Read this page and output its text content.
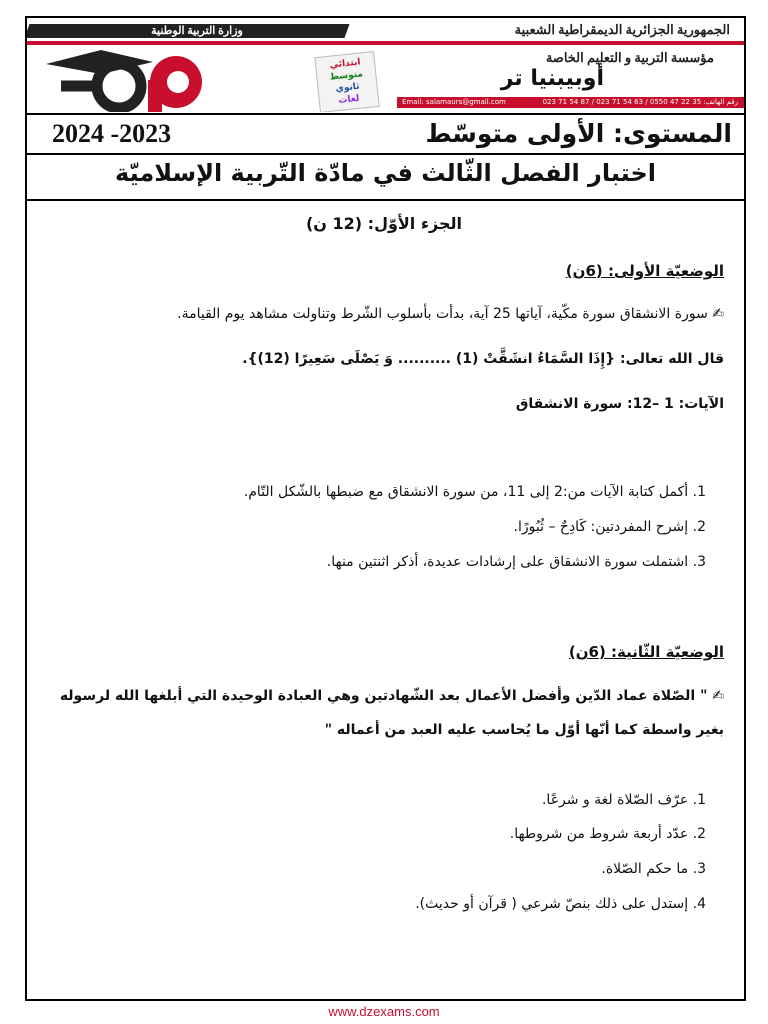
وزارة التربية الوطنية	الجمهورية الجزائرية الديمقراطية الشعبية
مؤسسة التربية و التعليم الخاصة
أوبيبنيا تر
ابتدائي
متوسط
ثانوي
لغات	رقم الهاتف: 35 22 47 0550 / 63 54 71 023 / 87 54 71 023
Email: salamaurs@gmail.com
المستوى: الأولى متوسّط
2024 -2023
اختبار الفصل الثّالث في مادّة التّربية الإسلاميّة
الجزء الأوّل: (12 ن)
الوضعيّة الأولى: (6ن)
✍ سورة الانشقاق سورة مكّية، آياتها 25 آية، بدأت بأسلوب الشّرط وتناولت مشاهد يوم القيامة.
قال الله تعالى: {إِذَا السَّمَاءُ انشَقَّتْ (1) .......... وَ يَصْلَى سَعِيرًا (12)}.
الآيات: 1 –12: سورة الانشقاق
1. أكمل كتابة الآيات من:2 إلى 11، من سورة الانشقاق مع ضبطها بالشّكل التّام.
2. إشرح المفردتين: كَادِحٌ – ثُبُورًا.
3. اشتملت سورة الانشقاق على إرشادات عديدة، أذكر اثنتين منها.
الوضعيّة الثّانية: (6ن)
✍ " الصّلاة عماد الدّين وأفضل الأعمال بعد الشّهادتين وهي العبادة الوحيدة التي أبلغها الله لرسوله
بغير واسطة كما أنّها أوّل ما يُحاسب عليه العبد من أعماله "
1. عرّف الصّلاة لغة و شرعًا.
2. عدّد أربعة شروط من شروطها.
3. ما حكم الصّلاة.
4. إستدل على ذلك بنصّ شرعي ( قرآن أو حديث).
www.dzexams.com
